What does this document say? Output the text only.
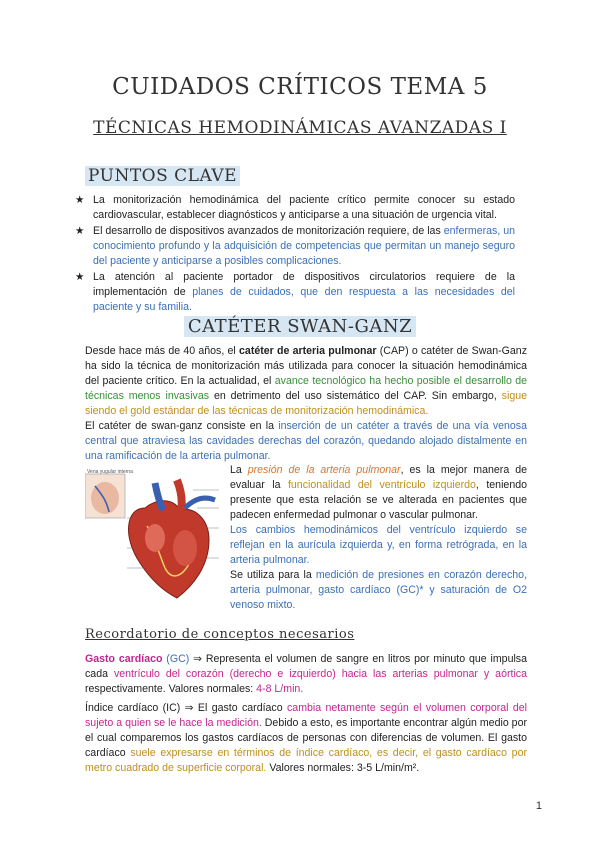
CUIDADOS CRÍTICOS TEMA 5
TÉCNICAS HEMODINÁMICAS AVANZADAS I
PUNTOS CLAVE
★ La monitorización hemodinámica del paciente crítico permite conocer su estado cardiovascular, establecer diagnósticos y anticiparse a una situación de urgencia vital.
★ El desarrollo de dispositivos avanzados de monitorización requiere, de las enfermeras, un conocimiento profundo y la adquisición de competencias que permitan un manejo seguro del paciente y anticiparse a posibles complicaciones.
★ La atención al paciente portador de dispositivos circulatorios requiere de la implementación de planes de cuidados, que den respuesta a las necesidades del paciente y su familia.
CATÉTER SWAN-GANZ
Desde hace más de 40 años, el catéter de arteria pulmonar (CAP) o catéter de Swan-Ganz ha sido la técnica de monitorización más utilizada para conocer la situación hemodinámica del paciente crítico. En la actualidad, el avance tecnológico ha hecho posible el desarrollo de técnicas menos invasivas en detrimento del uso sistemático del CAP. Sin embargo, sigue siendo el gold estándar de las técnicas de monitorización hemodinámica.
El catéter de swan-ganz consiste en la inserción de un catéter a través de una vía venosa central que atraviesa las cavidades derechas del corazón, quedando alojado distalmente en una ramificación de la arteria pulmonar.
Vena yugular interna	La presión de la arteria pulmonar, es la mejor manera de evaluar la funcionalidad del ventrículo izquierdo, teniendo presente que esta relación se ve alterada en pacientes que padecen enfermedad pulmonar o vascular pulmonar.
Los cambios hemodinámicos del ventrículo izquierdo se reflejan en la aurícula izquierda y, en forma retrógrada, en la arteria pulmonar.
Se utiliza para la medición de presiones en corazón derecho, arteria pulmonar, gasto cardíaco (GC)* y saturación de O2 venoso mixto.
Recordatorio de conceptos necesarios
Gasto cardíaco (GC) ⇒ Representa el volumen de sangre en litros por minuto que impulsa cada ventrículo del corazón (derecho e izquierdo) hacia las arterias pulmonar y aórtica respectivamente. Valores normales: 4-8 L/min.
Índice cardíaco (IC) ⇒ El gasto cardíaco cambia netamente según el volumen corporal del sujeto a quien se le hace la medición. Debido a esto, es importante encontrar algún medio por el cual comparemos los gastos cardíacos de personas con diferencias de volumen. El gasto cardíaco suele expresarse en términos de índice cardíaco, es decir, el gasto cardíaco por metro cuadrado de superficie corporal. Valores normales: 3-5 L/min/m².
1
